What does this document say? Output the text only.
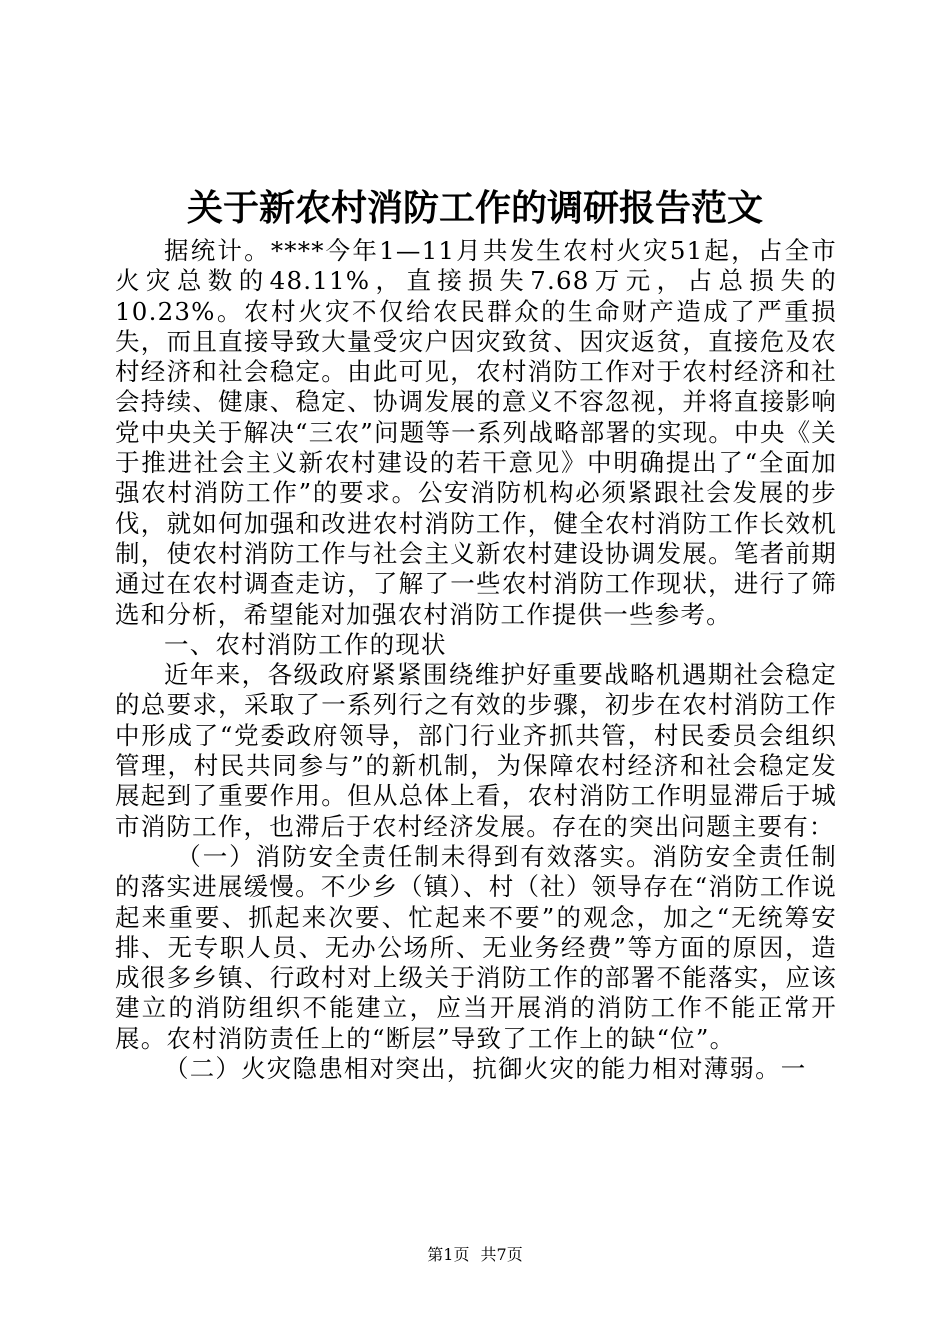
关于新农村消防工作的调研报告范文

据统计。****今年1—11月共发生农村火灾51起，占全市火灾总数的48.11%，直接损失7.68万元，占总损失的10.23%。农村火灾不仅给农民群众的生命财产造成了严重损失，而且直接导致大量受灾户因灾致贫、因灾返贫，直接危及农村经济和社会稳定。由此可见，农村消防工作对于农村经济和社会持续、健康、稳定、协调发展的意义不容忽视，并将直接影响党中央关于解决“三农”问题等一系列战略部署的实现。中央《关于推进社会主义新农村建设的若干意见》中明确提出了“全面加强农村消防工作”的要求。公安消防机构必须紧跟社会发展的步伐，就如何加强和改进农村消防工作，健全农村消防工作长效机制，使农村消防工作与社会主义新农村建设协调发展。笔者前期通过在农村调查走访，了解了一些农村消防工作现状，进行了筛选和分析，希望能对加强农村消防工作提供一些参考。

一、农村消防工作的现状

近年来，各级政府紧紧围绕维护好重要战略机遇期社会稳定的总要求，采取了一系列行之有效的步骤，初步在农村消防工作中形成了“党委政府领导，部门行业齐抓共管，村民委员会组织管理，村民共同参与”的新机制，为保障农村经济和社会稳定发展起到了重要作用。但从总体上看，农村消防工作明显滞后于城市消防工作，也滞后于农村经济发展。存在的突出问题主要有：

（一）消防安全责任制未得到有效落实。消防安全责任制的落实进展缓慢。不少乡（镇）、村（社）领导存在“消防工作说起来重要、抓起来次要、忙起来不要”的观念，加之“无统筹安排、无专职人员、无办公场所、无业务经费”等方面的原因，造成很多乡镇、行政村对上级关于消防工作的部署不能落实，应该建立的消防组织不能建立，应当开展消的消防工作不能正常开展。农村消防责任上的“断层”导致了工作上的缺“位”。

（二）火灾隐患相对突出，抗御火灾的能力相对薄弱。一

第1页 共7页
